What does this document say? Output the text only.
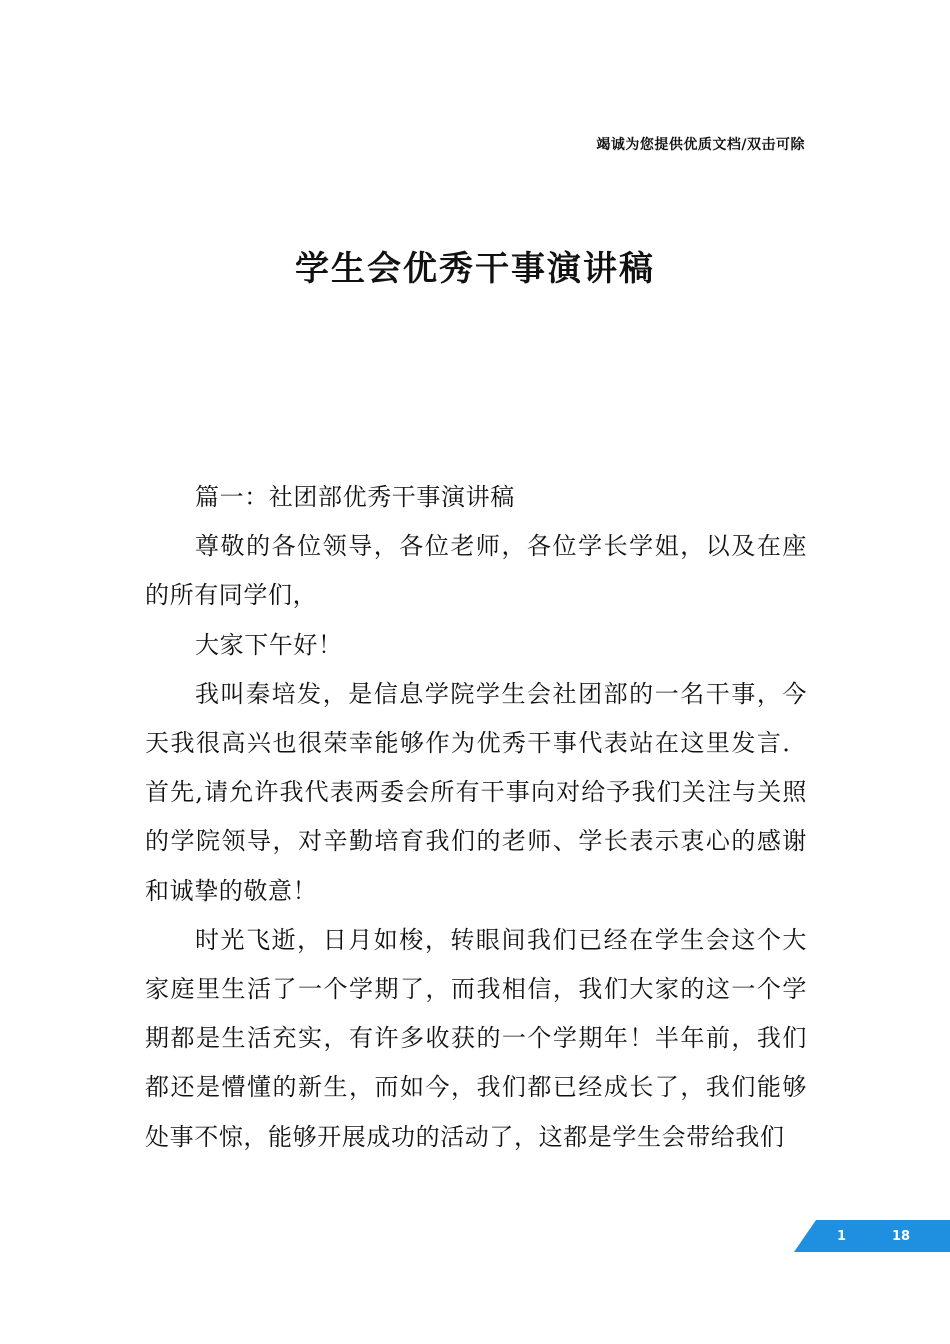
竭诚为您提供优质文档/双击可除
学生会优秀干事演讲稿

篇一：社团部优秀干事演讲稿

尊敬的各位领导，各位老师，各位学长学姐，以及在座的所有同学们，

大家下午好！

我叫秦培发，是信息学院学生会社团部的一名干事，今天我很高兴也很荣幸能够作为优秀干事代表站在这里发言．首先,请允许我代表两委会所有干事向对给予我们关注与关照的学院领导，对辛勤培育我们的老师、学长表示衷心的感谢和诚挚的敬意！

时光飞逝，日月如梭，转眼间我们已经在学生会这个大家庭里生活了一个学期了，而我相信，我们大家的这一个学期都是生活充实，有许多收获的一个学期年！半年前，我们都还是懵懂的新生，而如今，我们都已经成长了，我们能够处事不惊，能够开展成功的活动了，这都是学生会带给我们

1	18
